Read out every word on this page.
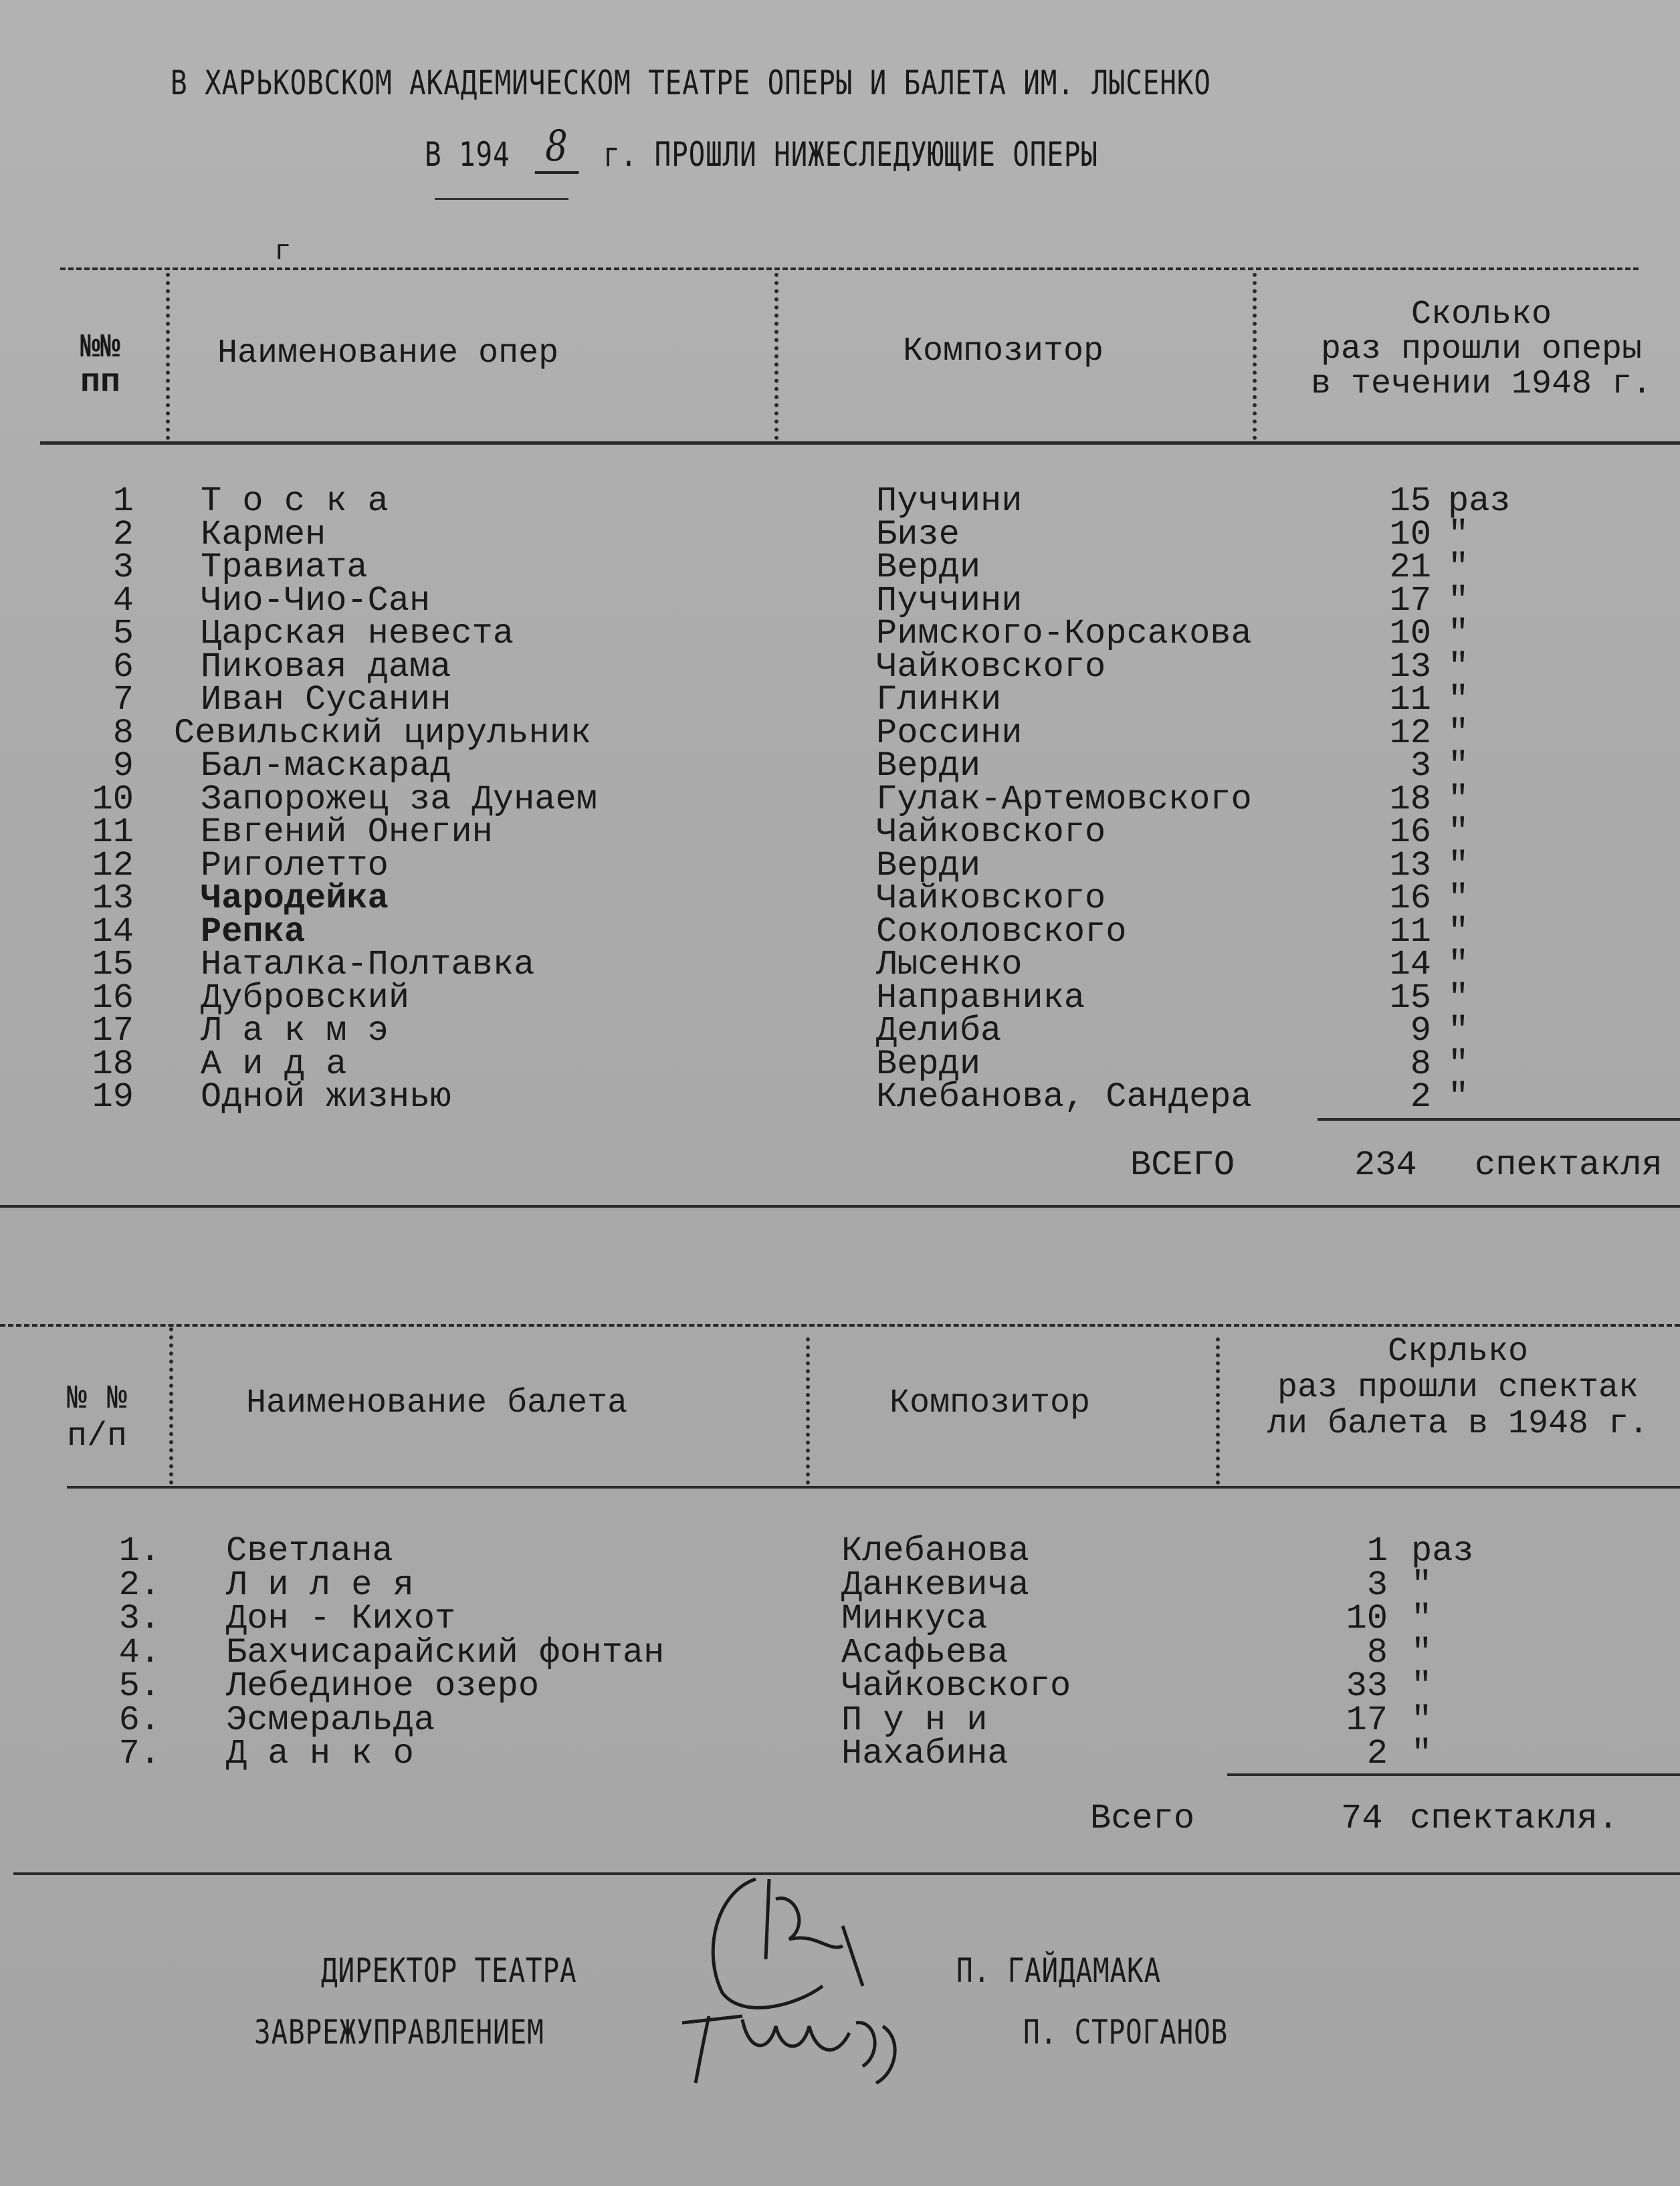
В ХАРЬКОВСКОМ АКАДЕМИЧЕСКОМ ТЕАТРЕ ОПЕРЫ И БАЛЕТА ИМ. ЛЫСЕНКО
В 194 8 г. ПРОШЛИ НИЖЕСЛЕДУЮЩИЕ ОПЕРЫ
г
№№
пп
Наименование опер	Композитор
Сколько
раз прошли оперы
в течении 1948 г.
1 Т о с к а	Пуччини	15 раз
2 Кармен	Бизе	10 "
3 Травиата	Верди	21 "
4 Чио-Чио-Сан	Пуччини	17 "
5 Царская невеста	Римского-Корсакова	10 "
6 Пиковая дама	Чайковского	13 "
7 Иван Сусанин	Глинки	11 "
8 Севильский цирульник	Россини	12 "
9 Бал-маскарад	Верди	3 "
10 Запорожец за Дунаем	Гулак-Артемовского	18 "
11 Евгений Онегин	Чайковского	16 "
12 Риголетто	Верди	13 "
13 Чародейка	Чайковского	16 "
14 Репка	Соколовского	11 "
15 Наталка-Полтавка	Лысенко	14 "
16 Дубровский	Направника	15 "
17 Л а к м э	Делиба	9 "
18 А и д а	Верди	8 "
19 Одной жизнью	Клебанова, Сандера	2 "
ВСЕГО	234 спектакля
№ №
п/п
Наименование балета	Композитор
Скрлько
раз прошли спектак
ли балета в 1948 г.
1. Светлана	Клебанова	1 раз
2. Л и л е я	Данкевича	3 "
3. Дон - Кихот	Минкуса	10 "
4. Бахчисарайский фонтан	Асафьева	8 "
5. Лебединое озеро	Чайковского	33 "
6. Эсмеральда	П у н и	17 "
7. Д а н к о	Нахабина	2 "
Всего	74 спектакля.
ДИРЕКТОР ТЕАТРА	П. ГАЙДАМАКА
ЗАВРЕЖУПРАВЛЕНИЕМ	П. СТРОГАНОВ
